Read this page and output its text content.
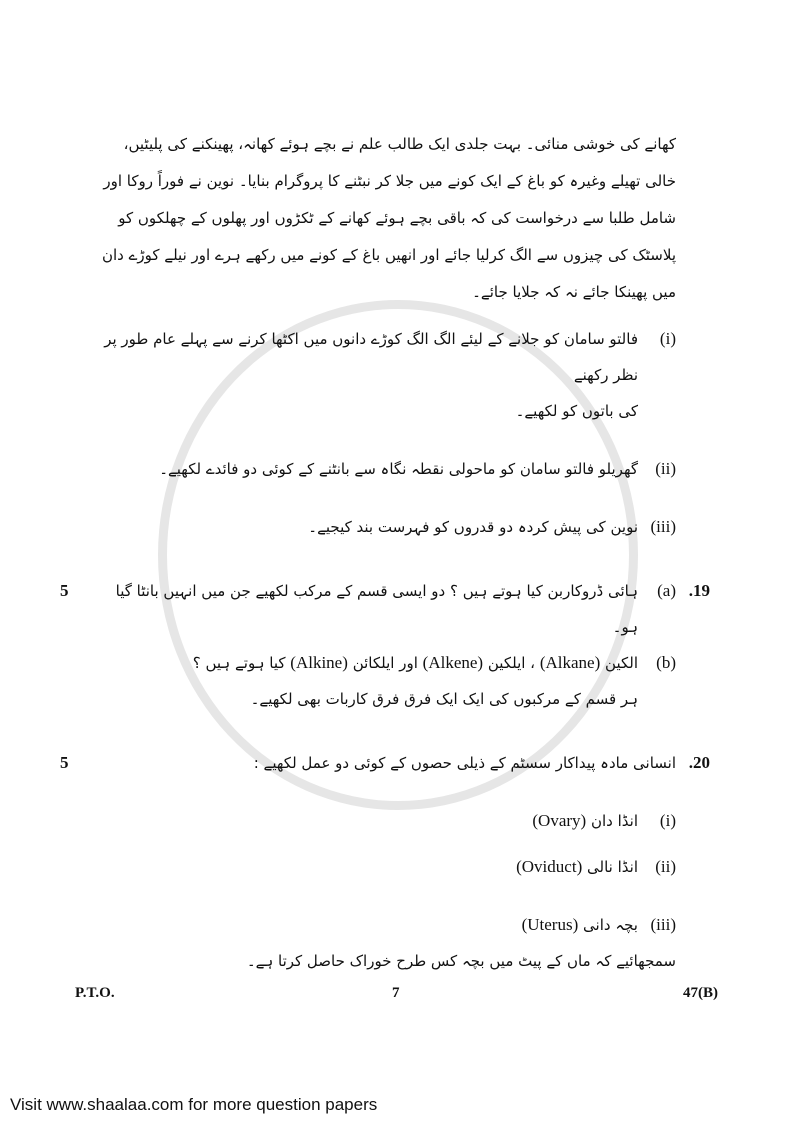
کھانے کی خوشی منائی۔ بہت جلدی ایک طالب علم نے بچے ہوئے کھانہ، پھینکنے کی پلیٹیں، خالی تھیلے وغیرہ کو باغ کے ایک کونے میں جلا کر نبٹنے کا پروگرام بنایا۔ نوین نے فوراً روکا اور شامل طلبا سے درخواست کی کہ باقی بچے ہوئے کھانے کے ٹکڑوں اور پھلوں کے چھلکوں کو پلاسٹک کی چیزوں سے الگ کرلیا جائے اور انھیں باغ کے کونے میں رکھے ہرے اور نیلے کوڑے دان میں پھینکا جائے نہ کہ جلایا جائے۔
(i)
فالتو سامان کو جلانے کے لیئے الگ الگ کوڑے دانوں میں اکٹھا کرنے سے پہلے عام طور پر نظر رکھنے
کی باتوں کو لکھیے۔
(ii)
گھریلو فالتو سامان کو ماحولی نقطہ نگاہ سے بانٹنے کے کوئی دو فائدے لکھیے۔
(iii)
نوین کی پیش کردہ دو قدروں کو فہرست بند کیجیے۔
19.
(a)
ہائی ڈروکاربن کیا ہوتے ہیں ؟ دو ایسی قسم کے مرکب لکھیے جن میں انہیں بانٹا گیا ہو۔
5
(b)
الکین (Alkane) ، ایلکین (Alkene) اور ایلکائن (Alkine) کیا ہوتے ہیں ؟
ہر قسم کے مرکبوں کی ایک ایک فرق فرق کاربات بھی لکھیے۔
20.
انسانی مادہ پیداکار سسٹم کے ذیلی حصوں کے کوئی دو عمل لکھیے :
5
(i)
انڈا دان (Ovary)
(ii)
انڈا نالی (Oviduct)
(iii)
بچہ دانی (Uterus)
سمجھائیے کہ ماں کے پیٹ میں بچہ کس طرح خوراک حاصل کرتا ہے۔
P.T.O.	7	47(B)
Visit www.shaalaa.com for more question papers
